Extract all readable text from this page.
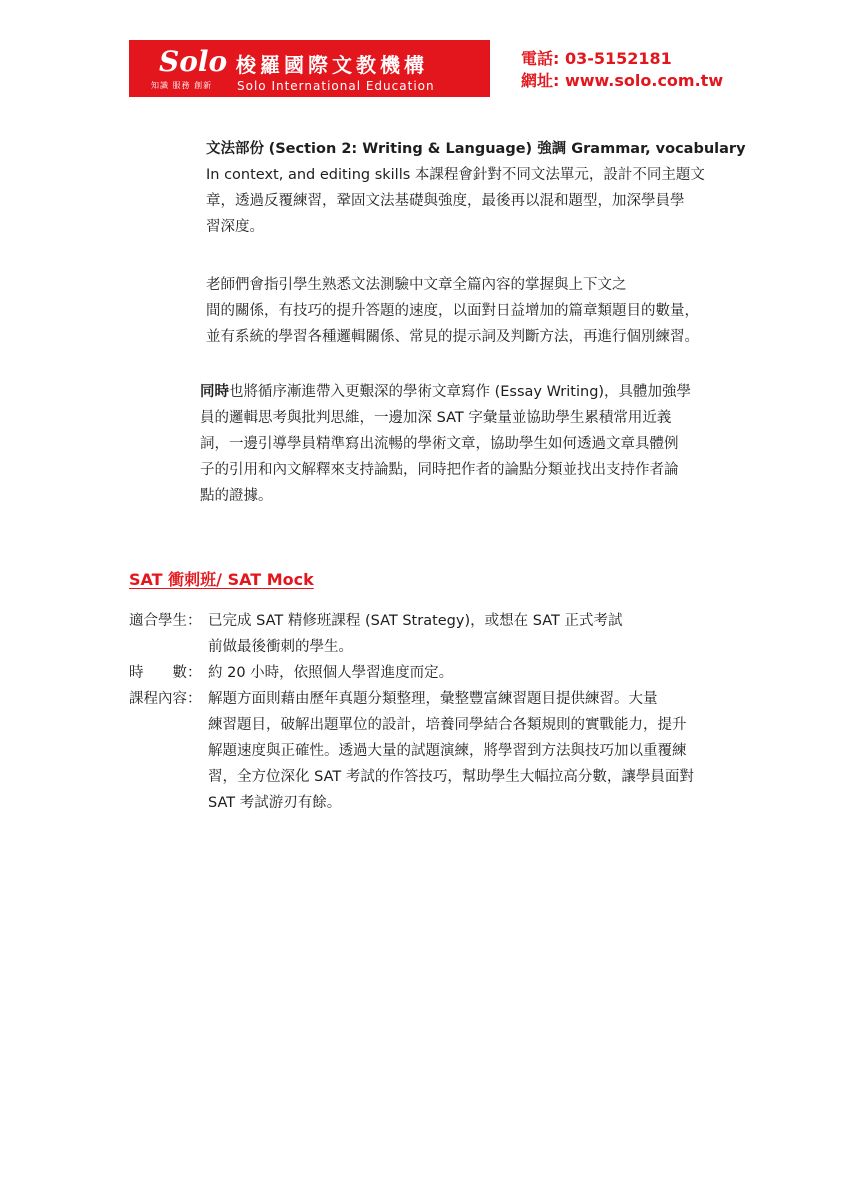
Solo 梭羅國際文教機構
知識 服務 創新 Solo International Education
電話: 03-5152181
網址: www.solo.com.tw
文法部份 (Section 2: Writing & Language) 強調 Grammar, vocabulary
In context, and editing skills 本課程會針對不同文法單元，設計不同主題文
章，透過反覆練習，鞏固文法基礎與強度，最後再以混和題型，加深學員學
習深度。
老師們會指引學生熟悉文法測驗中文章全篇內容的掌握與上下文之
間的關係，有技巧的提升答題的速度，以面對日益增加的篇章類題目的數量，
並有系統的學習各種邏輯關係、常見的提示詞及判斷方法，再進行個別練習。
同時也將循序漸進帶入更艱深的學術文章寫作 (Essay Writing)，具體加強學
員的邏輯思考與批判思維，一邊加深 SAT 字彙量並協助學生累積常用近義
詞，一邊引導學員精準寫出流暢的學術文章，協助學生如何透過文章具體例
子的引用和內文解釋來支持論點，同時把作者的論點分類並找出支持作者論
點的證據。
SAT 衝刺班/ SAT Mock
適合學生： 已完成 SAT 精修班課程 (SAT Strategy)，或想在 SAT 正式考試
前做最後衝刺的學生。
時　　數： 約 20 小時，依照個人學習進度而定。
課程內容： 解題方面則藉由歷年真題分類整理，彙整豐富練習題目提供練習。大量
練習題目，破解出題單位的設計，培養同學結合各類規則的實戰能力，提升
解題速度與正確性。透過大量的試題演練，將學習到方法與技巧加以重覆練
習，全方位深化 SAT 考試的作答技巧，幫助學生大幅拉高分數，讓學員面對
SAT 考試游刃有餘。
